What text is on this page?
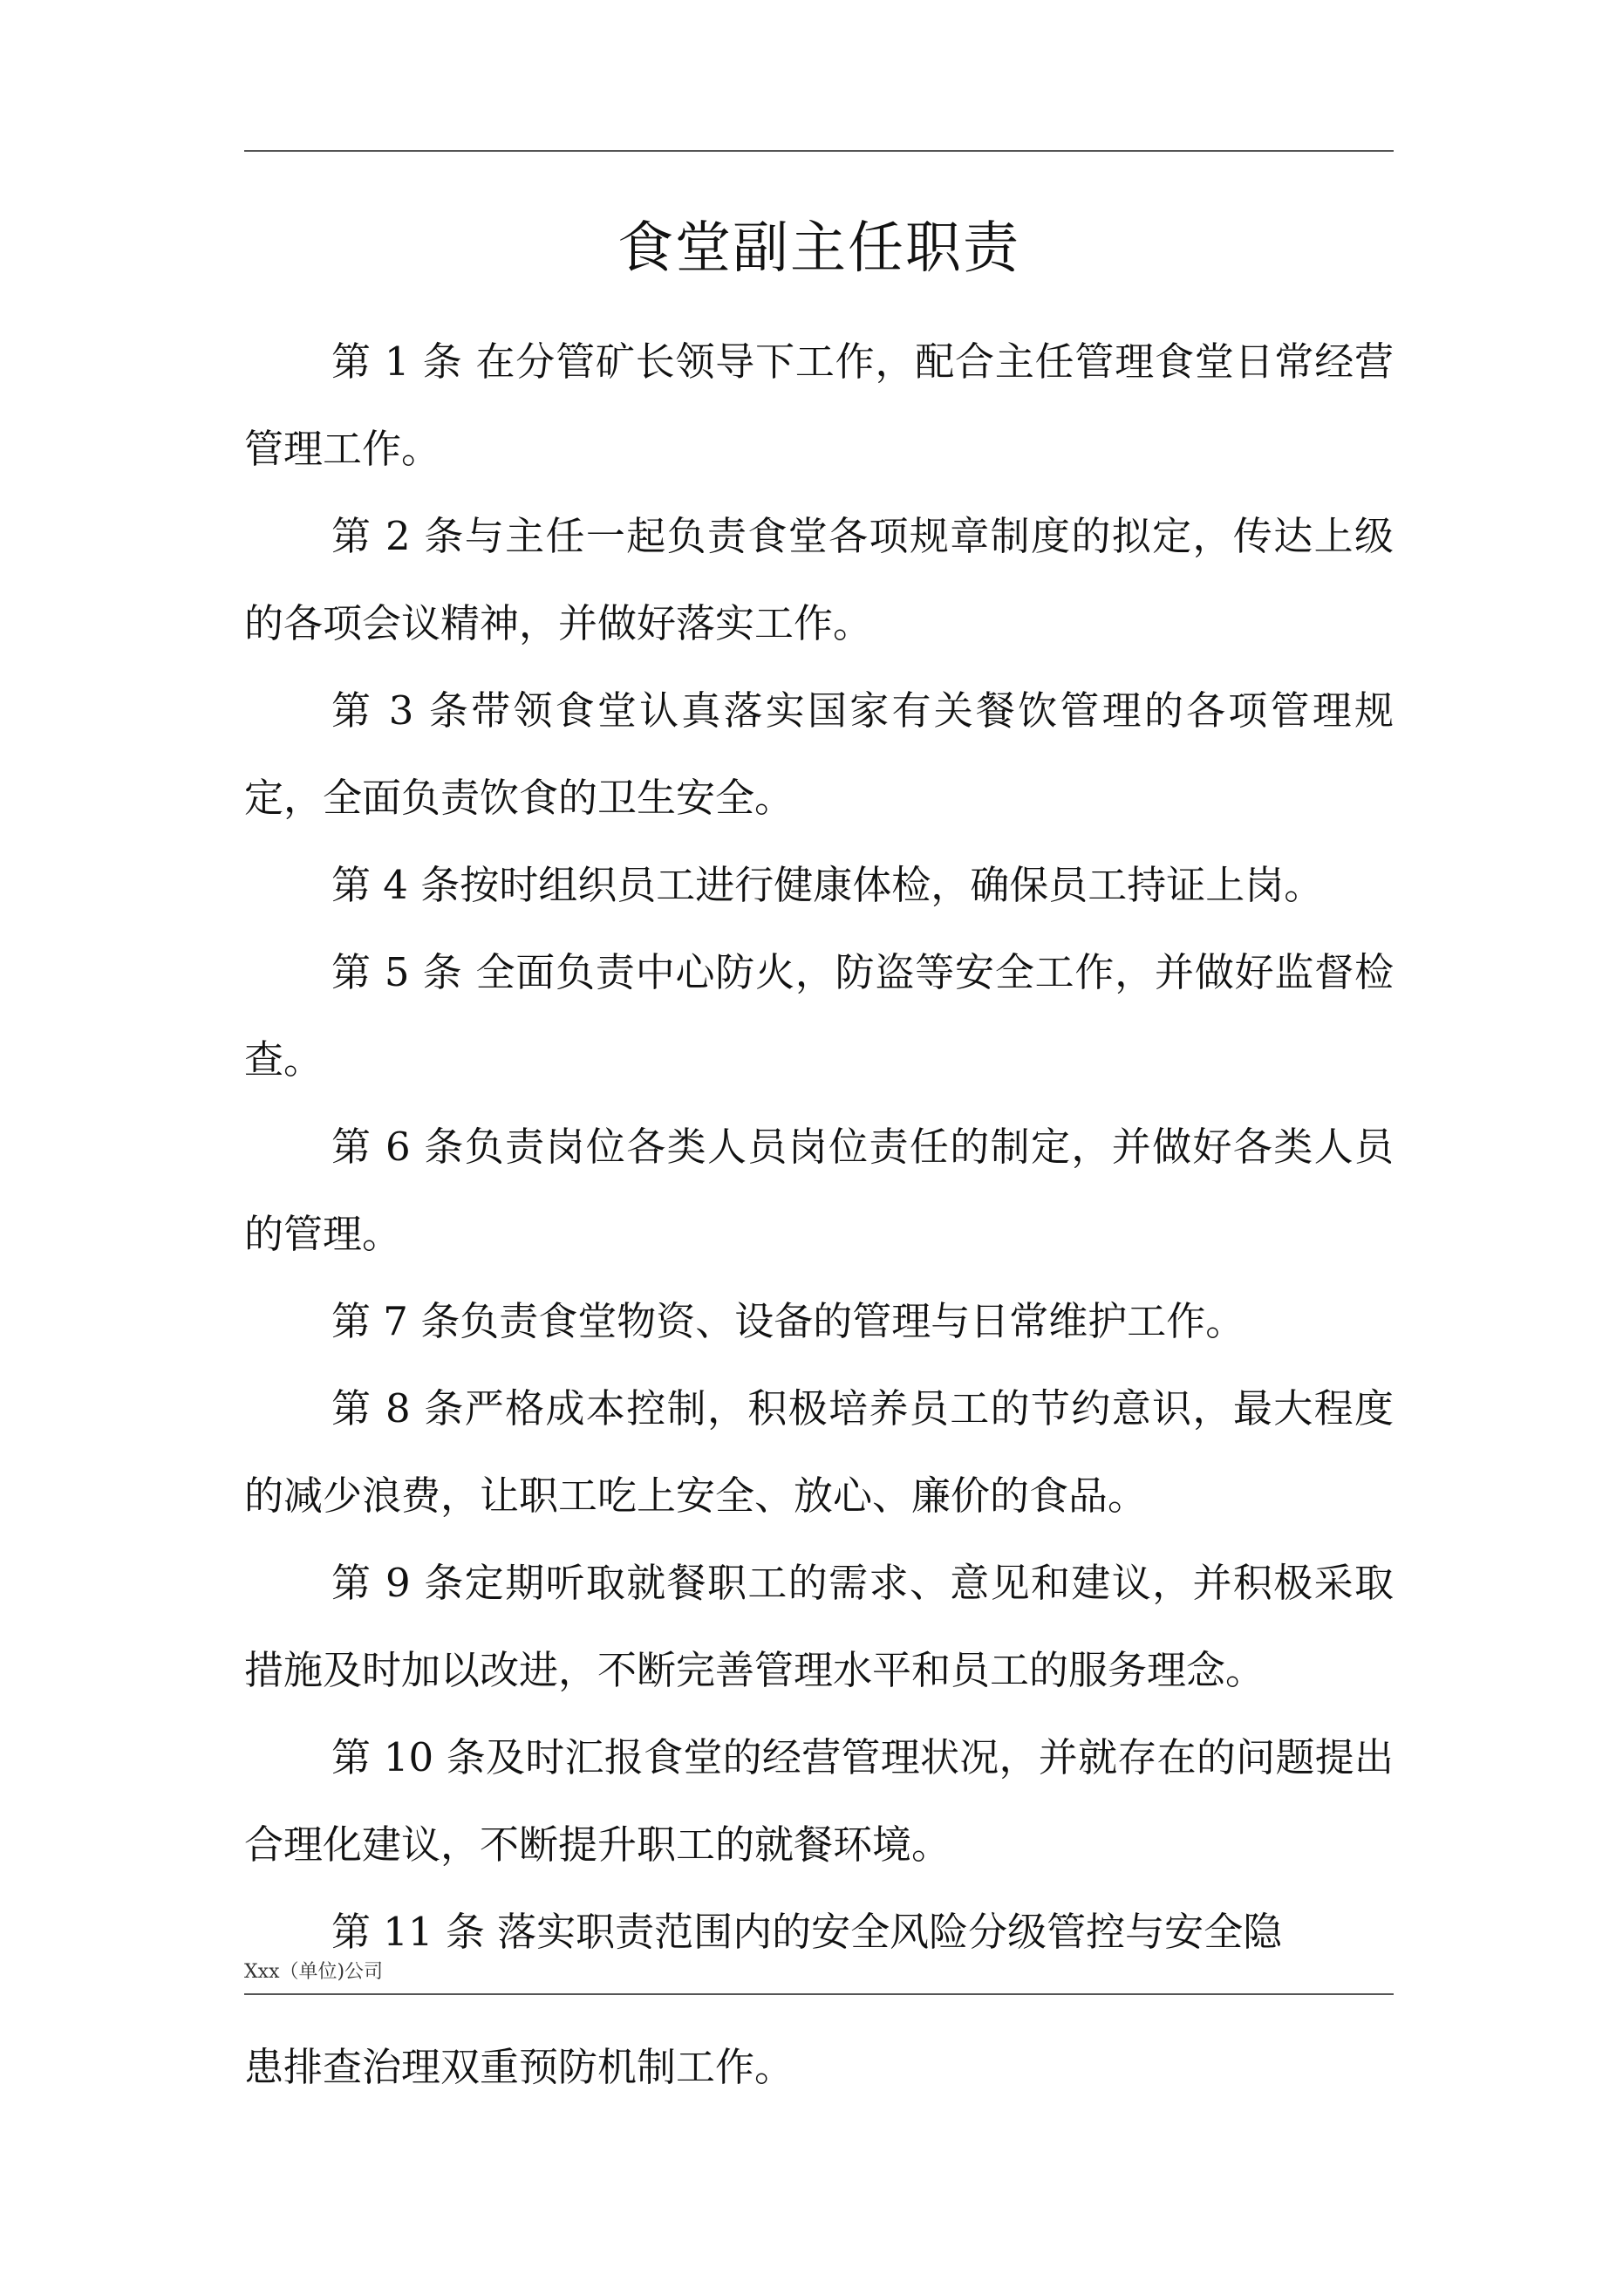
食堂副主任职责
第 1 条 在分管矿长领导下工作，配合主任管理食堂日常经营管理工作。
第 2 条与主任一起负责食堂各项规章制度的拟定，传达上级的各项会议精神，并做好落实工作。
第 3 条带领食堂认真落实国家有关餐饮管理的各项管理规定，全面负责饮食的卫生安全。
第 4 条按时组织员工进行健康体检，确保员工持证上岗。
第 5 条 全面负责中心防火，防盗等安全工作，并做好监督检查。
第 6 条负责岗位各类人员岗位责任的制定，并做好各类人员的管理。
第 7 条负责食堂物资、设备的管理与日常维护工作。
第 8 条严格成本控制，积极培养员工的节约意识，最大程度的减少浪费，让职工吃上安全、放心、廉价的食品。
第 9 条定期听取就餐职工的需求、意见和建议，并积极采取措施及时加以改进，不断完善管理水平和员工的服务理念。
第 10 条及时汇报食堂的经营管理状况，并就存在的问题提出合理化建议，不断提升职工的就餐环境。
第 11 条 落实职责范围内的安全风险分级管控与安全隐
Xxx（单位)公司

患排查治理双重预防机制工作。
